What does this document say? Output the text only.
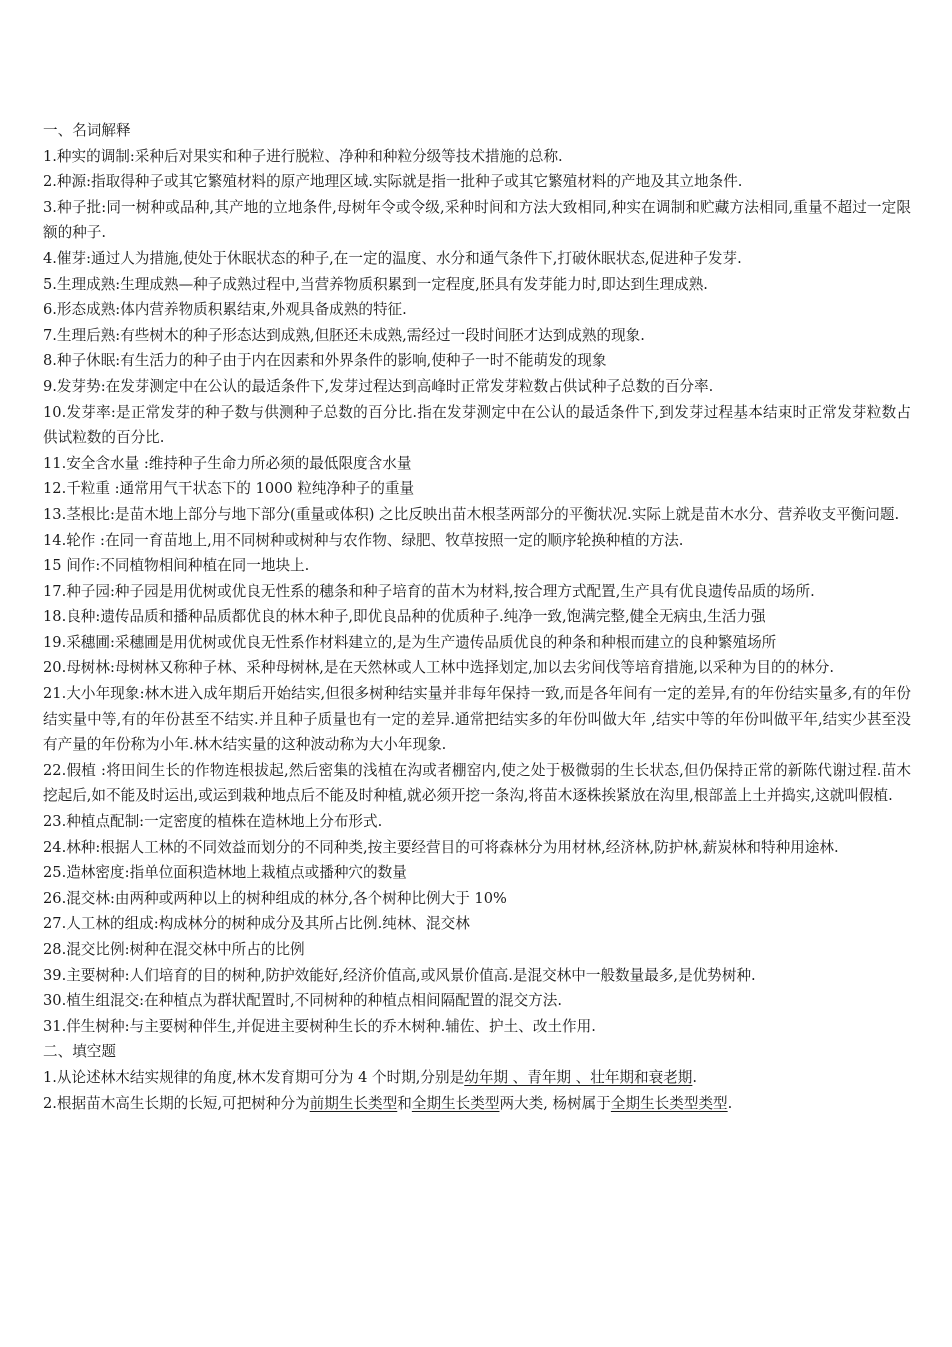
一、名词解释

1.种实的调制:采种后对果实和种子进行脱粒、净种和种粒分级等技术措施的总称.

2.种源:指取得种子或其它繁殖材料的原产地理区域.实际就是指一批种子或其它繁殖材料的产地及其立地条件.

3.种子批:同一树种或品种,其产地的立地条件,母树年令或令级,采种时间和方法大致相同,种实在调制和贮藏方法相同,重量不超过一定限额的种子.

4.催芽:通过人为措施,使处于休眠状态的种子,在一定的温度、水分和通气条件下,打破休眠状态,促进种子发芽.

5.生理成熟:生理成熟—种子成熟过程中,当营养物质积累到一定程度,胚具有发芽能力时,即达到生理成熟.

6.形态成熟:体内营养物质积累结束,外观具备成熟的特征.

7.生理后熟:有些树木的种子形态达到成熟,但胚还未成熟,需经过一段时间胚才达到成熟的现象.

8.种子休眠:有生活力的种子由于内在因素和外界条件的影响,使种子一时不能萌发的现象

9.发芽势:在发芽测定中在公认的最适条件下,发芽过程达到高峰时正常发芽粒数占供试种子总数的百分率.

10.发芽率:是正常发芽的种子数与供测种子总数的百分比.指在发芽测定中在公认的最适条件下,到发芽过程基本结束时正常发芽粒数占供试粒数的百分比.

11.安全含水量 :维持种子生命力所必须的最低限度含水量

12.千粒重 :通常用气干状态下的 1000 粒纯净种子的重量

13.茎根比:是苗木地上部分与地下部分(重量或体积) 之比反映出苗木根茎两部分的平衡状况.实际上就是苗木水分、营养收支平衡问题.

14.轮作 :在同一育苗地上,用不同树种或树种与农作物、绿肥、牧草按照一定的顺序轮换种植的方法.

15 间作:不同植物相间种植在同一地块上.

17.种子园:种子园是用优树或优良无性系的穗条和种子培育的苗木为材料,按合理方式配置,生产具有优良遗传品质的场所.

18.良种:遗传品质和播种品质都优良的林木种子,即优良品种的优质种子.纯净一致,饱满完整,健全无病虫,生活力强

19.采穗圃:采穗圃是用优树或优良无性系作材料建立的,是为生产遗传品质优良的种条和种根而建立的良种繁殖场所

20.母树林:母树林又称种子林、采种母树林,是在天然林或人工林中选择划定,加以去劣间伐等培育措施,以采种为目的的林分.

21.大小年现象:林木进入成年期后开始结实,但很多树种结实量并非每年保持一致,而是各年间有一定的差异,有的年份结实量多,有的年份结实量中等,有的年份甚至不结实.并且种子质量也有一定的差异.通常把结实多的年份叫做大年 ,结实中等的年份叫做平年,结实少甚至没有产量的年份称为小年.林木结实量的这种波动称为大小年现象.

22.假植 :将田间生长的作物连根拔起,然后密集的浅植在沟或者棚窑内,使之处于极微弱的生长状态,但仍保持正常的新陈代谢过程.苗木挖起后,如不能及时运出,或运到栽种地点后不能及时种植,就必须开挖一条沟,将苗木逐株挨紧放在沟里,根部盖上土并捣实,这就叫假植.

23.种植点配制:一定密度的植株在造林地上分布形式.

24.林种:根据人工林的不同效益而划分的不同种类,按主要经营目的可将森林分为用材林,经济林,防护林,薪炭林和特种用途林.

25.造林密度:指单位面积造林地上栽植点或播种穴的数量

26.混交林:由两种或两种以上的树种组成的林分,各个树种比例大于 10%

27.人工林的组成:构成林分的树种成分及其所占比例.纯林、混交林

28.混交比例:树种在混交林中所占的比例

39.主要树种:人们培育的目的树种,防护效能好,经济价值高,或风景价值高.是混交林中一般数量最多,是优势树种.

30.植生组混交:在种植点为群状配置时,不同树种的种植点相间隔配置的混交方法.

31.伴生树种:与主要树种伴生,并促进主要树种生长的乔木树种.辅佐、护土、改土作用.

二、填空题

1.从论述林木结实规律的角度,林木发育期可分为 4 个时期,分别是幼年期 、青年期 、壮年期和衰老期.

2.根据苗木高生长期的长短,可把树种分为前期生长类型和全期生长类型两大类, 杨树属于全期生长类型类型.
